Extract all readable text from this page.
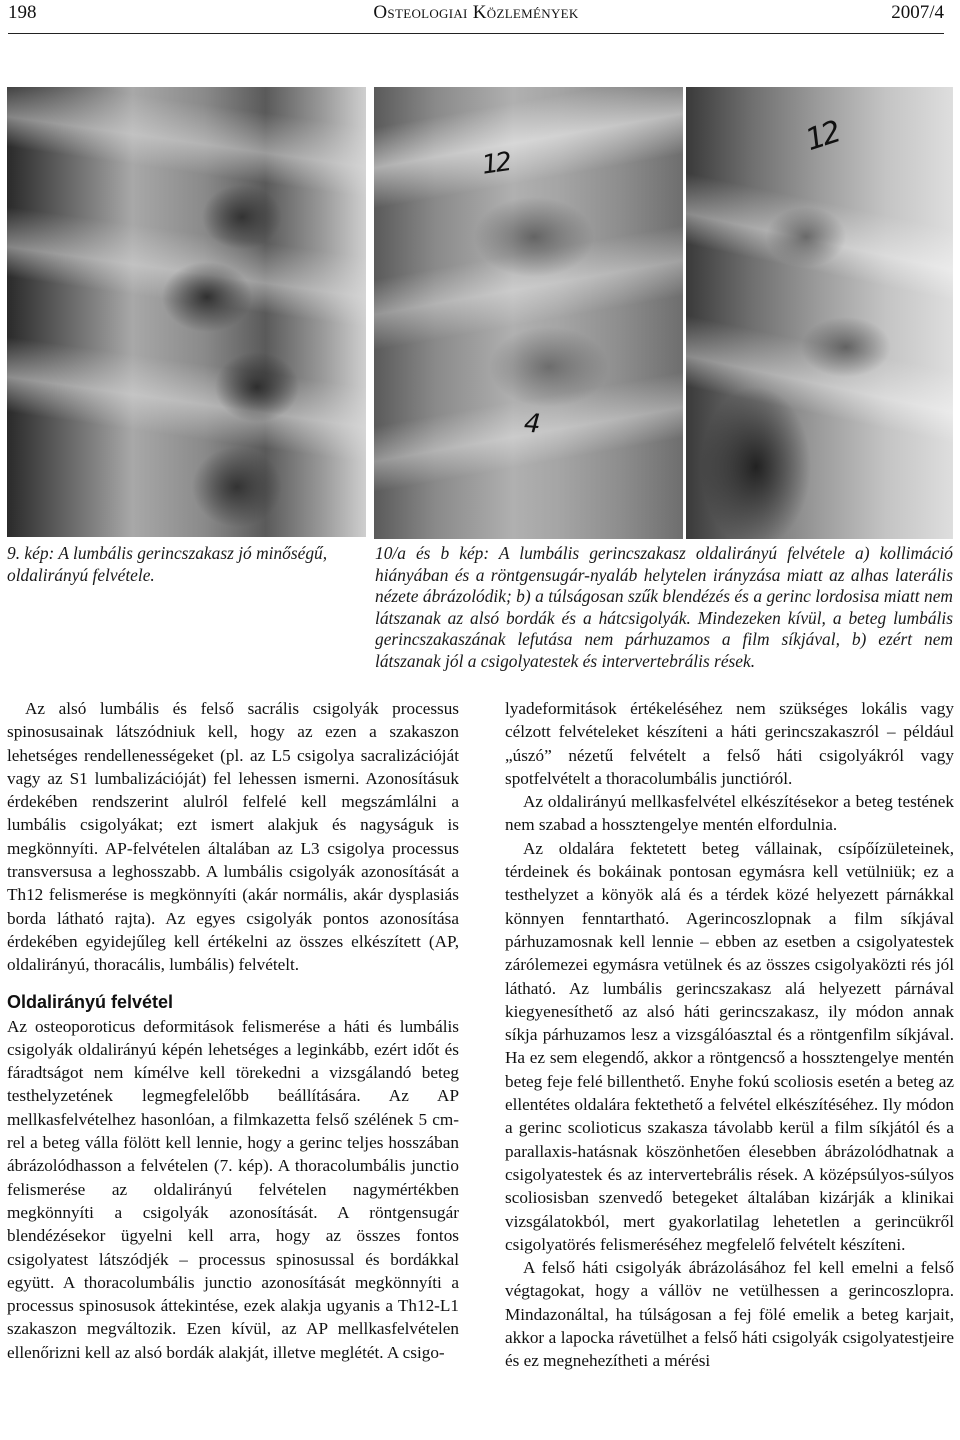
198	Osteologiai Közlemények	2007/4
12
4
12
9. kép: A lumbális gerincszakasz jó minőségű, oldalirányú felvétele.
10/a és b kép: A lumbális gerincszakasz oldalirányú felvétele a) kollimáció hiányában és a röntgensugár-nyaláb helytelen irányzása miatt az alhas laterális nézete ábrázolódik; b) a túlságosan szűk blendézés és a gerinc lordosisa miatt nem látszanak az alsó bordák és a hátcsigolyák. Mindezeken kívül, a beteg lumbális gerincszakaszának lefutása nem párhuzamos a film síkjával, b) ezért nem látszanak jól a csigolyatestek és intervertebrális rések.

Az alsó lumbális és felső sacrális csigolyák processus spinosusainak látszódniuk kell, hogy az ezen a szakaszon lehetséges rendellenességeket (pl. az L5 csigolya sacralizációját vagy az S1 lumbalizációját) fel lehessen ismerni. Azonosításuk érdekében rendszerint alulról felfelé kell megszámlálni a lumbális csigolyákat; ezt ismert alakjuk és nagyságuk is megkönnyíti. AP-felvételen általában az L3 csigolya processus transversusa a leghosszabb. A lumbális csigolyák azonosítását a Th12 felismerése is megkönnyíti (akár normális, akár dysplasiás borda látható rajta). Az egyes csigolyák pontos azonosítása érdekében egyidejűleg kell értékelni az összes elkészített (AP, oldalirányú, thoracális, lumbális) felvételt.

Oldalirányú felvétel

Az osteoporoticus deformitások felismerése a háti és lumbális csigolyák oldalirányú képén lehetséges a leginkább, ezért időt és fáradtságot nem kímélve kell törekedni a vizsgálandó beteg testhelyzetének legmegfelelőbb beállítására. Az AP mellkasfelvételhez hasonlóan, a filmkazetta felső szélének 5 cm-rel a beteg válla fölött kell lennie, hogy a gerinc teljes hosszában ábrázolódhasson a felvételen (7. kép). A thoracolumbális junctio felismerése az oldalirányú felvételen nagymértékben megkönnyíti a csigolyák azonosítását. A röntgensugár blendézésekor ügyelni kell arra, hogy az összes fontos csigolyatest látszódjék – processus spinosussal és bordákkal együtt. A thoracolumbális junctio azonosítását megkönnyíti a processus spinosusok áttekintése, ezek alakja ugyanis a Th12-L1 szakaszon megváltozik. Ezen kívül, az AP mellkasfelvételen ellenőrizni kell az alsó bordák alakját, illetve meglétét. A csigo-

lyadeformitások értékeléséhez nem szükséges lokális vagy célzott felvételeket készíteni a háti gerincszakaszról – például „úszó” nézetű felvételt a felső háti csigolyákról vagy spotfelvételt a thoracolumbális junctióról.

Az oldalirányú mellkasfelvétel elkészítésekor a beteg testének nem szabad a hossztengelye mentén elfordulnia.

Az oldalára fektetett beteg vállainak, csípőízületeinek, térdeinek és bokáinak pontosan egymásra kell vetülniük; ez a testhelyzet a könyök alá és a térdek közé helyezett párnákkal könnyen fenntartható. Agerincoszlopnak a film síkjával párhuzamosnak kell lennie – ebben az esetben a csigolyatestek zárólemezei egymásra vetülnek és az összes csigolyaközti rés jól látható. Az lumbális gerincszakasz alá helyezett párnával kiegyenesíthető az alsó háti gerincszakasz, ily módon annak síkja párhuzamos lesz a vizsgálóasztal és a röntgenfilm síkjával. Ha ez sem elegendő, akkor a röntgencső a hossztengelye mentén beteg feje felé billenthető. Enyhe fokú scoliosis esetén a beteg az ellentétes oldalára fektethető a felvétel elkészítéséhez. Ily módon a gerinc scolioticus szakasza távolabb kerül a film síkjától és a parallaxis-hatásnak köszönhetően élesebben ábrázolódhatnak a csigolyatestek és az intervertebrális rések. A középsúlyos-súlyos scoliosisban szenvedő betegeket általában kizárják a klinikai vizsgálatokból, mert gyakorlatilag lehetetlen a gerincükről csigolyatörés felismeréséhez megfelelő felvételt készíteni.

A felső háti csigolyák ábrázolásához fel kell emelni a felső végtagokat, hogy a vállöv ne vetülhessen a gerincoszlopra. Mindazonáltal, ha túlságosan a fej fölé emelik a beteg karjait, akkor a lapocka rávetülhet a felső háti csigolyák csigolyatestjeire és ez megnehezítheti a mérési
